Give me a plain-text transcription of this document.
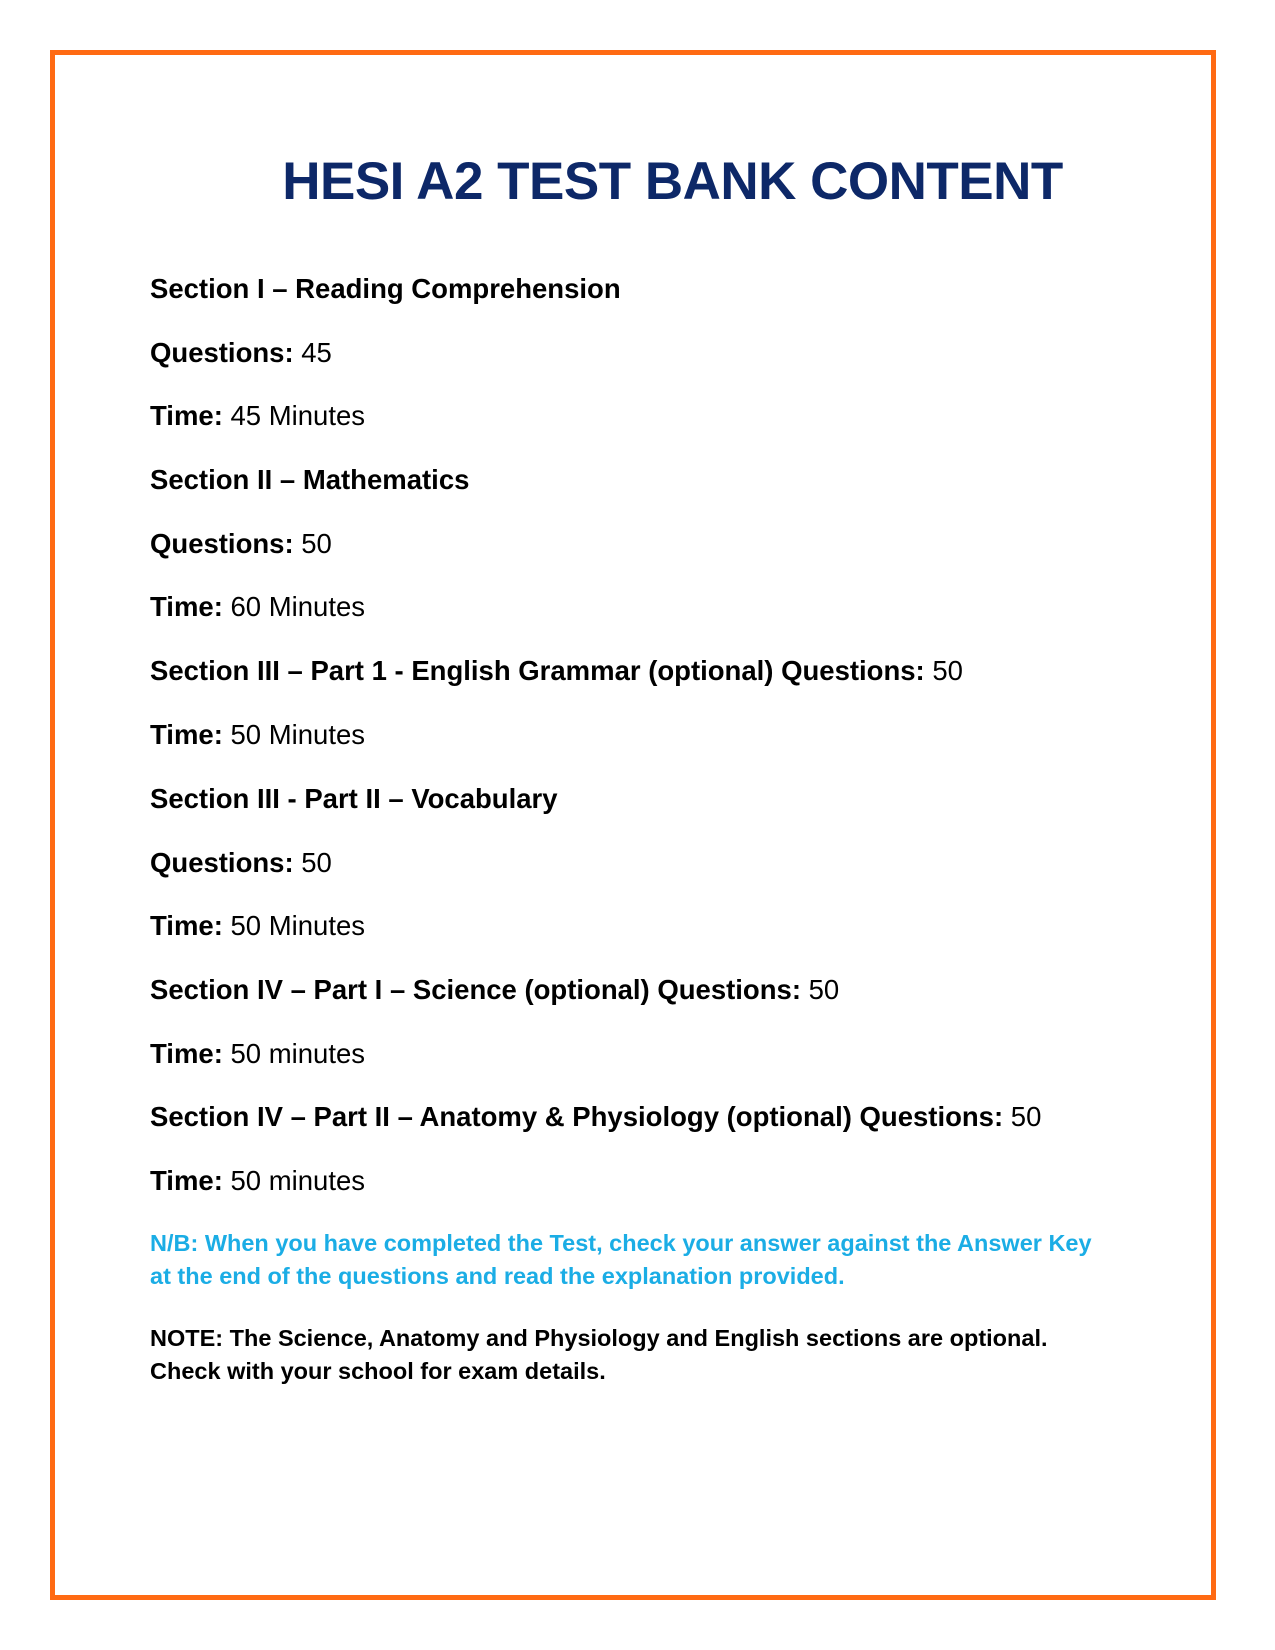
HESI A2 TEST BANK CONTENT
Section I – Reading Comprehension
Questions: 45
Time: 45 Minutes
Section II – Mathematics
Questions: 50
Time: 60 Minutes
Section III – Part 1 - English Grammar (optional) Questions: 50
Time: 50 Minutes
Section III - Part II – Vocabulary
Questions: 50
Time: 50 Minutes
Section IV – Part I – Science (optional) Questions: 50
Time: 50 minutes
Section IV – Part II – Anatomy & Physiology (optional) Questions: 50
Time: 50 minutes
N/B: When you have completed the Test, check your answer against the Answer Key at the end of the questions and read the explanation provided.
NOTE: The Science, Anatomy and Physiology and English sections are optional. Check with your school for exam details.
